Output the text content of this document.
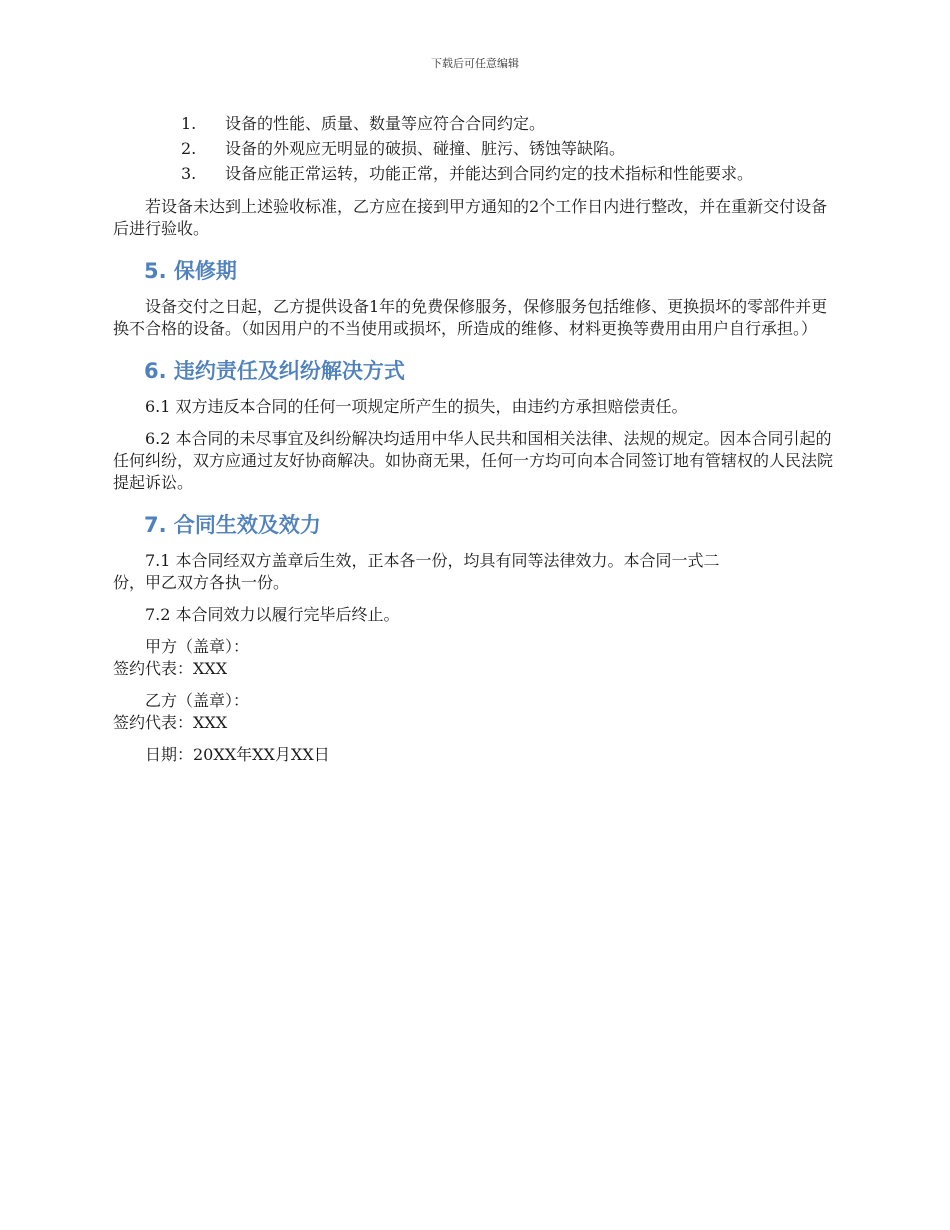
下载后可任意编辑
1.	设备的性能、质量、数量等应符合合同约定。
2.	设备的外观应无明显的破损、碰撞、脏污、锈蚀等缺陷。
3.	设备应能正常运转，功能正常，并能达到合同约定的技术指标和性能要求。

若设备未达到上述验收标准，乙方应在接到甲方通知的2个工作日内进行整改，并在重新交付设备后进行验收。

5. 保修期

设备交付之日起，乙方提供设备1年的免费保修服务，保修服务包括维修、更换损坏的零部件并更换不合格的设备。（如因用户的不当使用或损坏，所造成的维修、材料更换等费用由用户自行承担。）

6. 违约责任及纠纷解决方式

6.1 双方违反本合同的任何一项规定所产生的损失，由违约方承担赔偿责任。

6.2 本合同的未尽事宜及纠纷解决均适用中华人民共和国相关法律、法规的规定。因本合同引起的任何纠纷，双方应通过友好协商解决。如协商无果，任何一方均可向本合同签订地有管辖权的人民法院提起诉讼。

7. 合同生效及效力

7.1 本合同经双方盖章后生效，正本各一份，均具有同等法律效力。本合同一式二
份，甲乙双方各执一份。

7.2 本合同效力以履行完毕后终止。

甲方（盖章）：

签约代表：XXX

乙方（盖章）：

签约代表：XXX

日期：20XX年XX月XX日
